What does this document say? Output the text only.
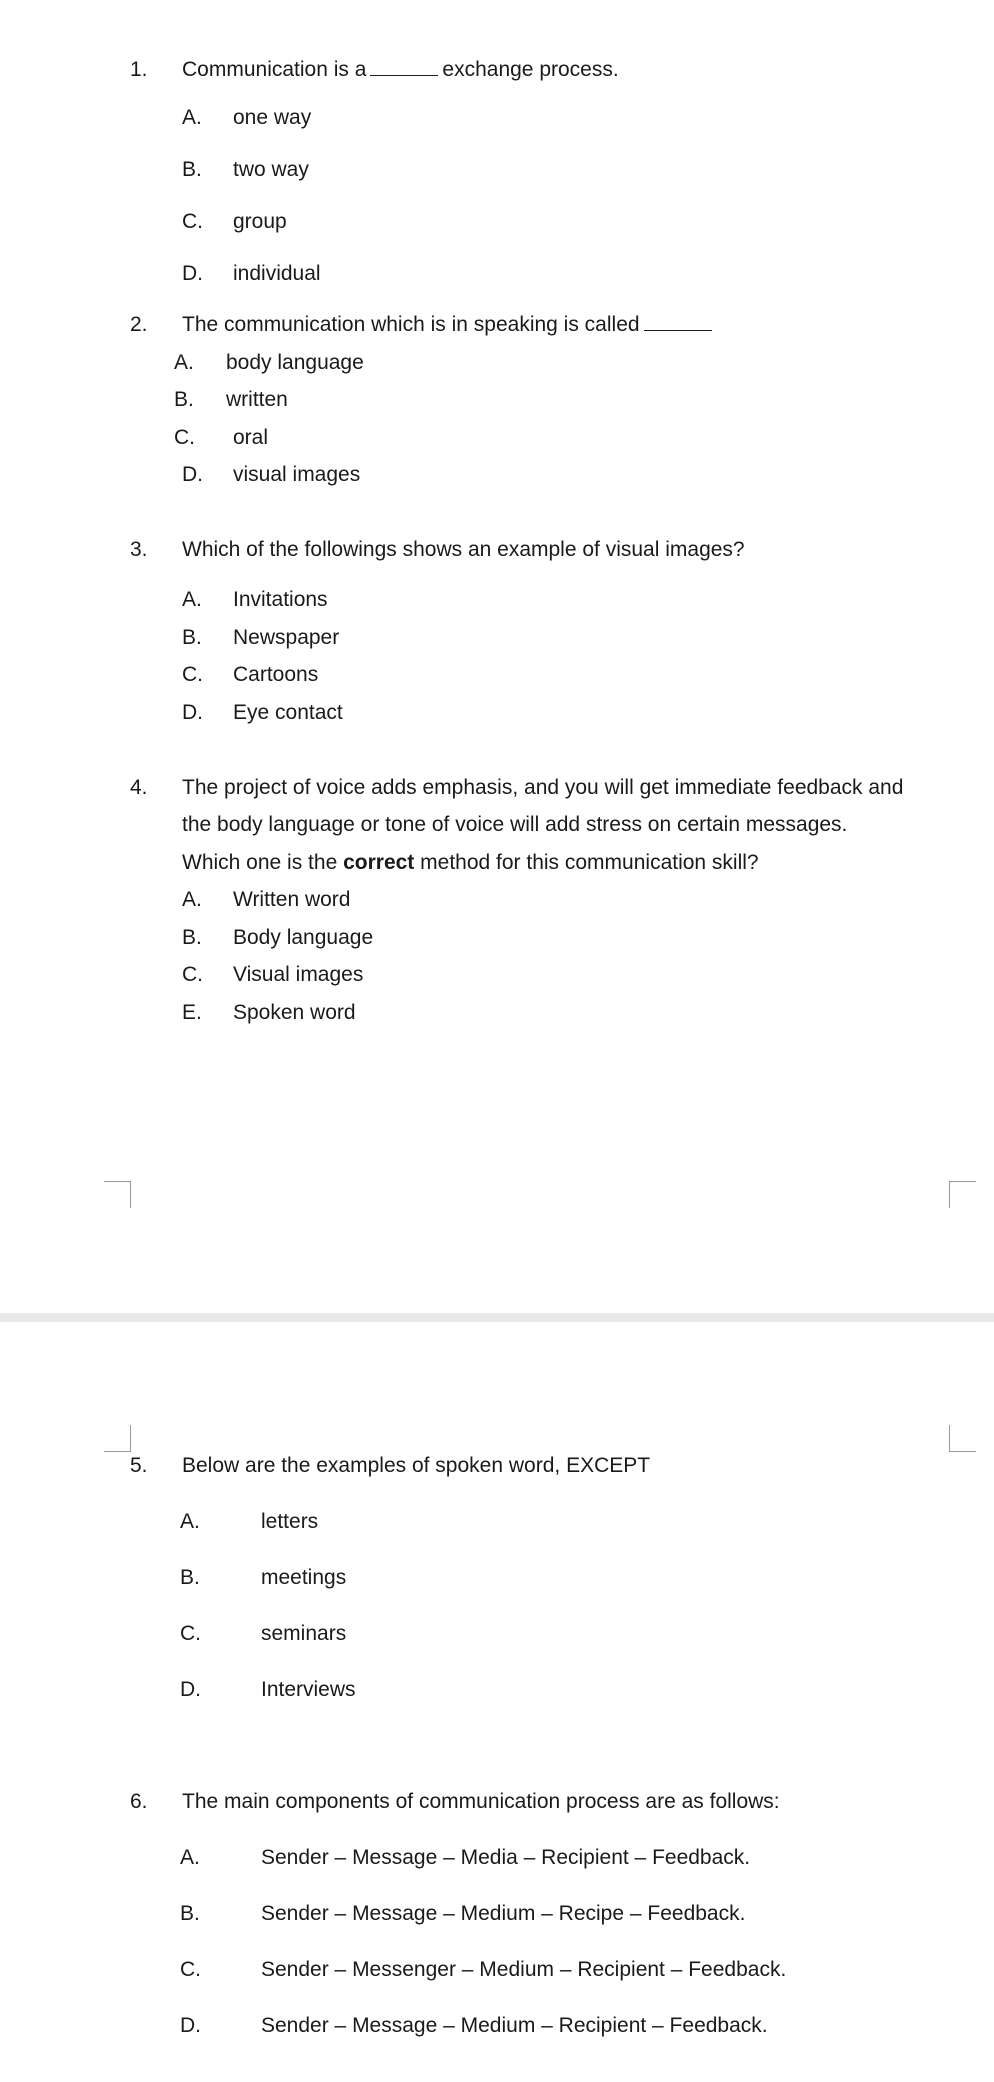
1. Communication is a	exchange process.
A. one way
B. two way
C. group
D. individual
2. The communication which is in speaking is called
A. body language
B. written
C. oral
D. visual images
3. Which of the followings shows an example of visual images?
A. Invitations
B. Newspaper
C. Cartoons
D. Eye contact
4. The project of voice adds emphasis, and you will get immediate feedback and
the body language or tone of voice will add stress on certain messages.
Which one is the correct method for this communication skill?
A. Written word
B. Body language
C. Visual images
E. Spoken word
5. Below are the examples of spoken word, EXCEPT
A.	letters
B.	meetings
C.	seminars
D.	Interviews
6. The main components of communication process are as follows:
A.	Sender – Message – Media – Recipient – Feedback.
B.	Sender – Message – Medium – Recipe – Feedback.
C.	Sender – Messenger – Medium – Recipient – Feedback.
D.	Sender – Message – Medium – Recipient – Feedback.
